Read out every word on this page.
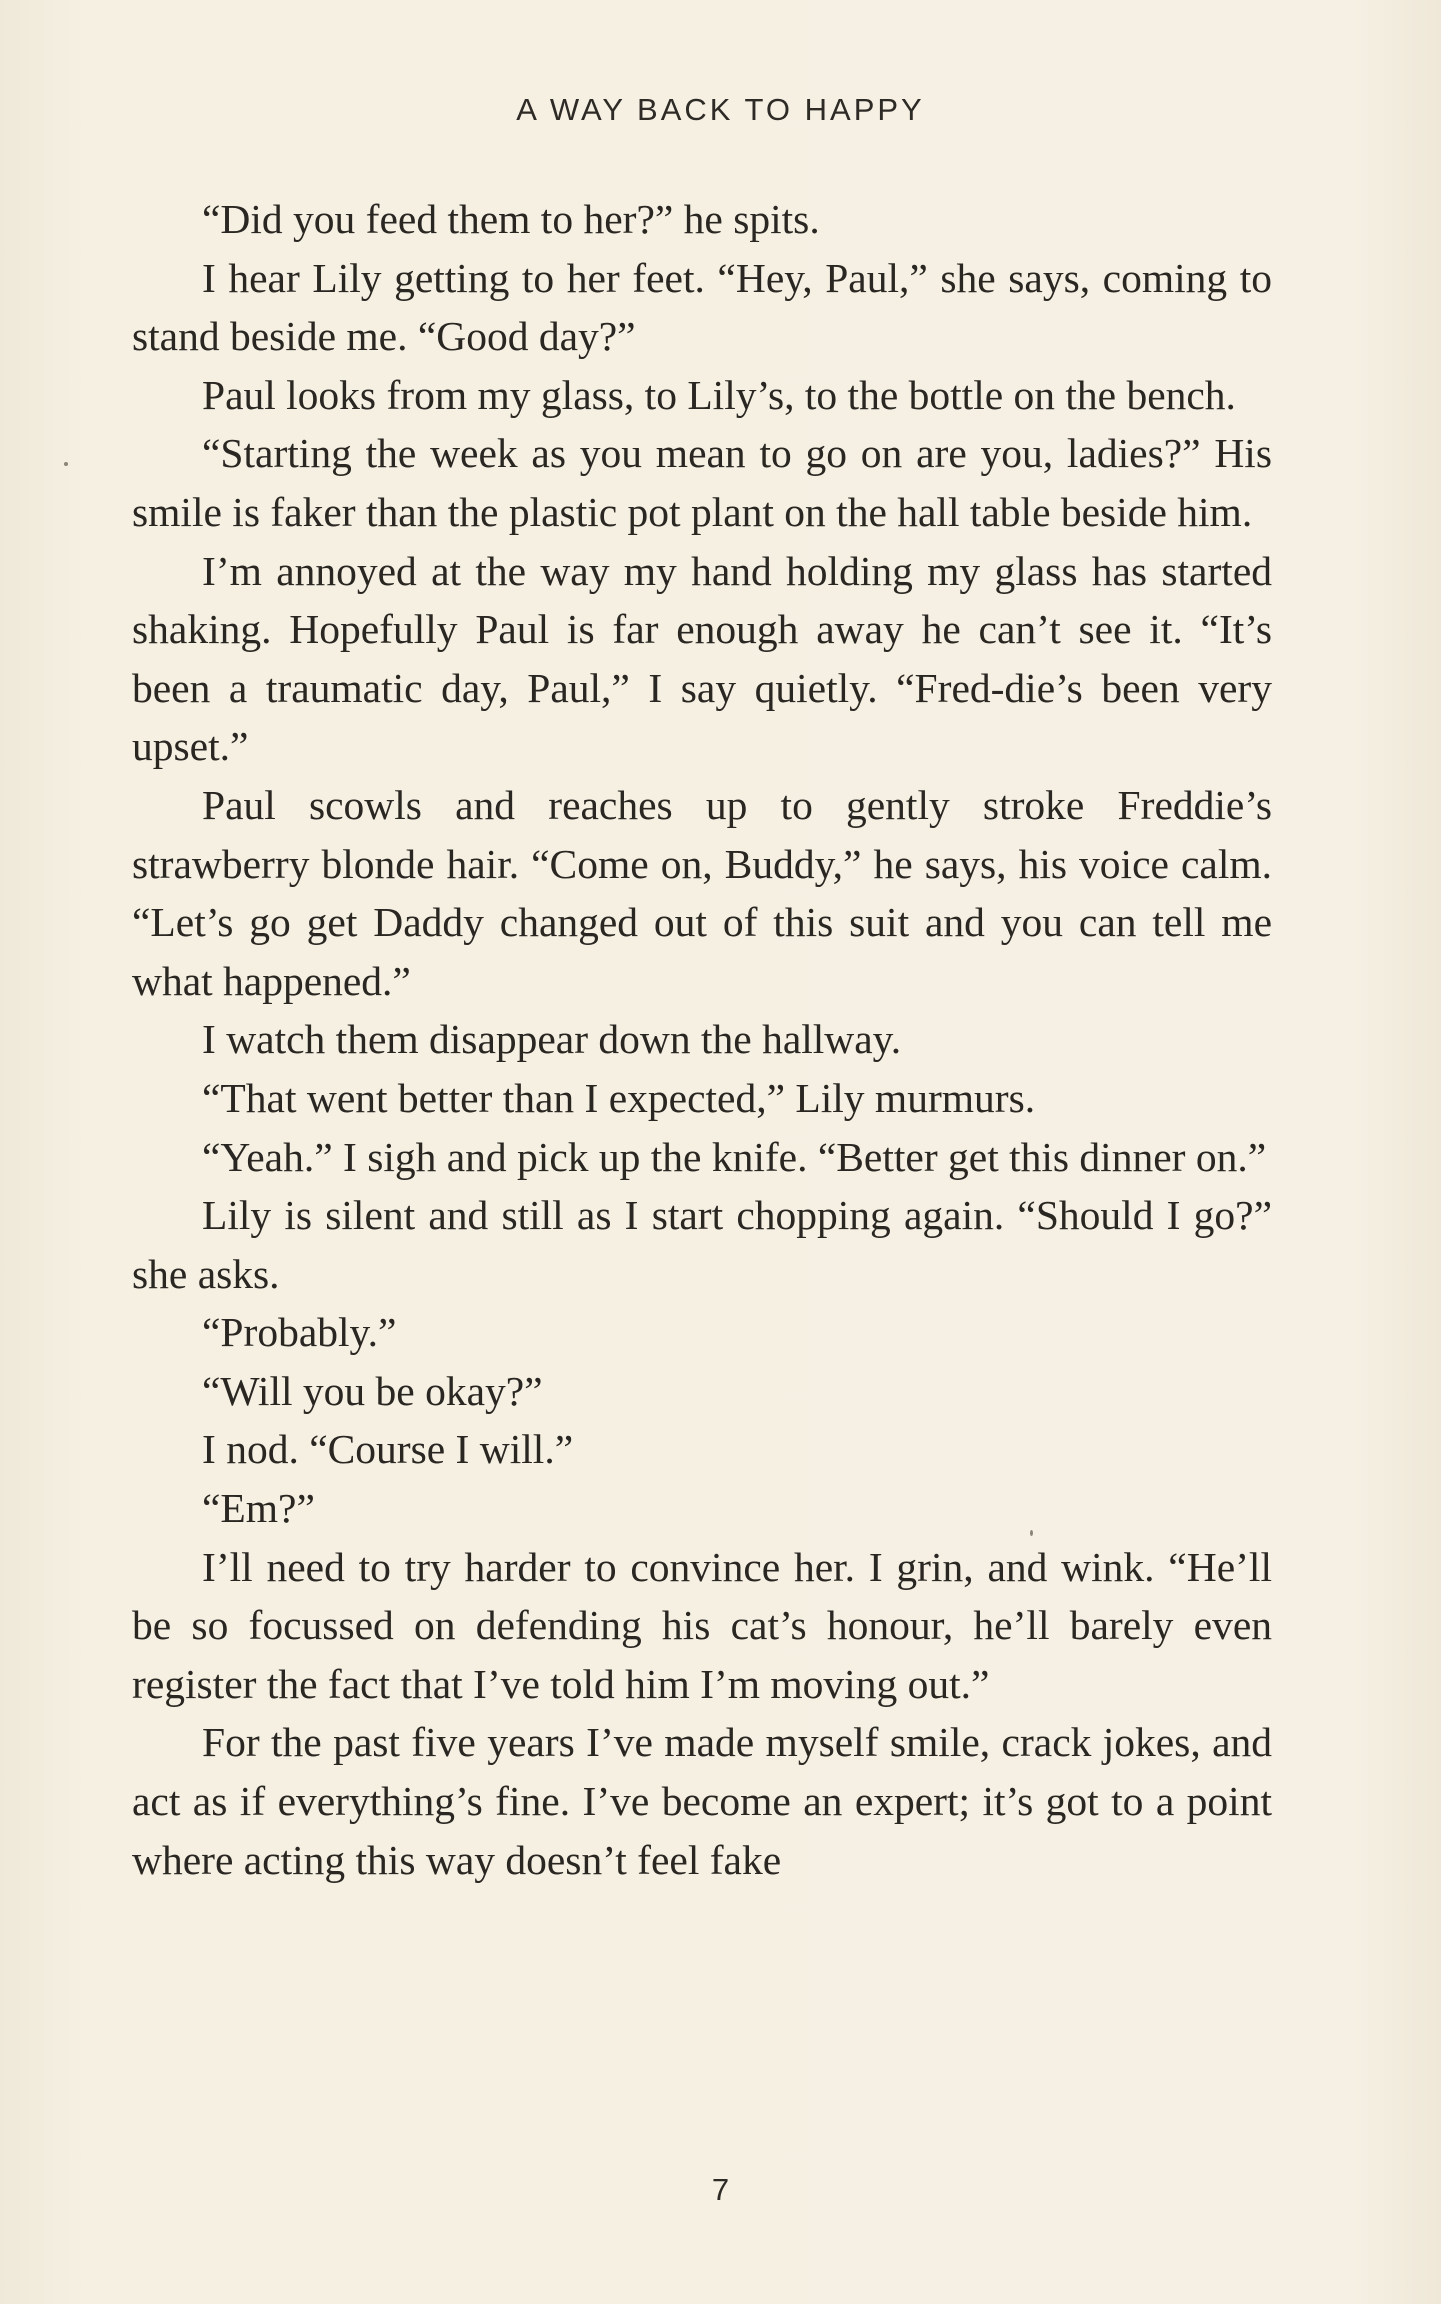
A WAY BACK TO HAPPY

“Did you feed them to her?” he spits.

I hear Lily getting to her feet. “Hey, Paul,” she says, coming to stand beside me. “Good day?”

Paul looks from my glass, to Lily’s, to the bottle on the bench.

“Starting the week as you mean to go on are you, ladies?” His smile is faker than the plastic pot plant on the hall table beside him.

I’m annoyed at the way my hand holding my glass has started shaking. Hopefully Paul is far enough away he can’t see it. “It’s been a traumatic day, Paul,” I say quietly. “Fred-die’s been very upset.”

Paul scowls and reaches up to gently stroke Freddie’s strawberry blonde hair. “Come on, Buddy,” he says, his voice calm. “Let’s go get Daddy changed out of this suit and you can tell me what happened.”

I watch them disappear down the hallway.

“That went better than I expected,” Lily murmurs.

“Yeah.” I sigh and pick up the knife. “Better get this dinner on.”

Lily is silent and still as I start chopping again. “Should I go?” she asks.

“Probably.”

“Will you be okay?”

I nod. “Course I will.”

“Em?”

I’ll need to try harder to convince her. I grin, and wink. “He’ll be so focussed on defending his cat’s honour, he’ll barely even register the fact that I’ve told him I’m moving out.”

For the past five years I’ve made myself smile, crack jokes, and act as if everything’s fine. I’ve become an expert; it’s got to a point where acting this way doesn’t feel fake

7
